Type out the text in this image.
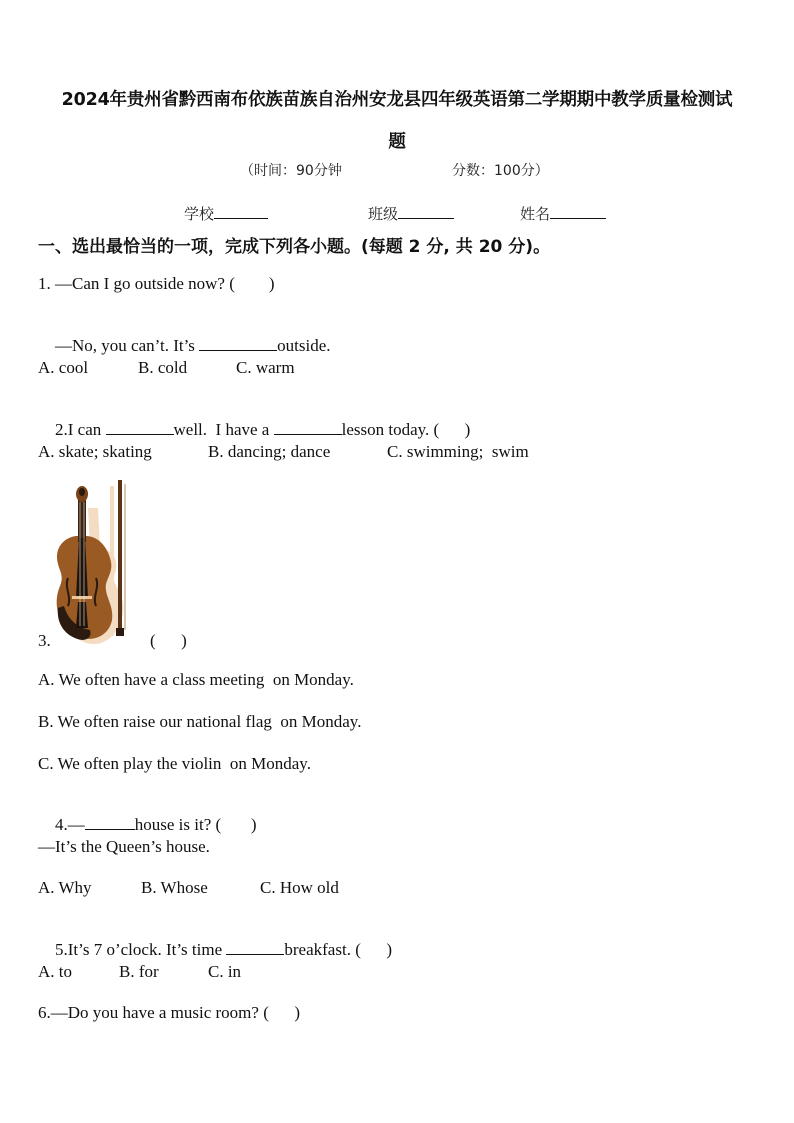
2024年贵州省黔西南布依族苗族自治州安龙县四年级英语第二学期期中教学质量检测试
题
（时间：90分钟	分数：100分）
学校	班级	姓名
一、选出最恰当的一项，完成下列各小题。(每题 2 分, 共 20 分)。
1. —Can I go outside now? (        )

—No, you can’t. It’s	outside.

A. cool	B. cold	C. warm

2.I can	well.  I have a	lesson today. (      )

A. skate; skating	B. dancing; dance	C. swimming;  swim
3.	(      )
A. We often have a class meeting  on Monday.
B. We often raise our national flag  on Monday.
C. We often play the violin  on Monday.

4.—	house is it? (       )

—It’s the Queen’s house.
A. Why	B. Whose	C. How old

5.It’s 7 o’clock. It’s time	breakfast. (      )

A. to	B. for	C. in
6.—Do you have a music room? (      )
